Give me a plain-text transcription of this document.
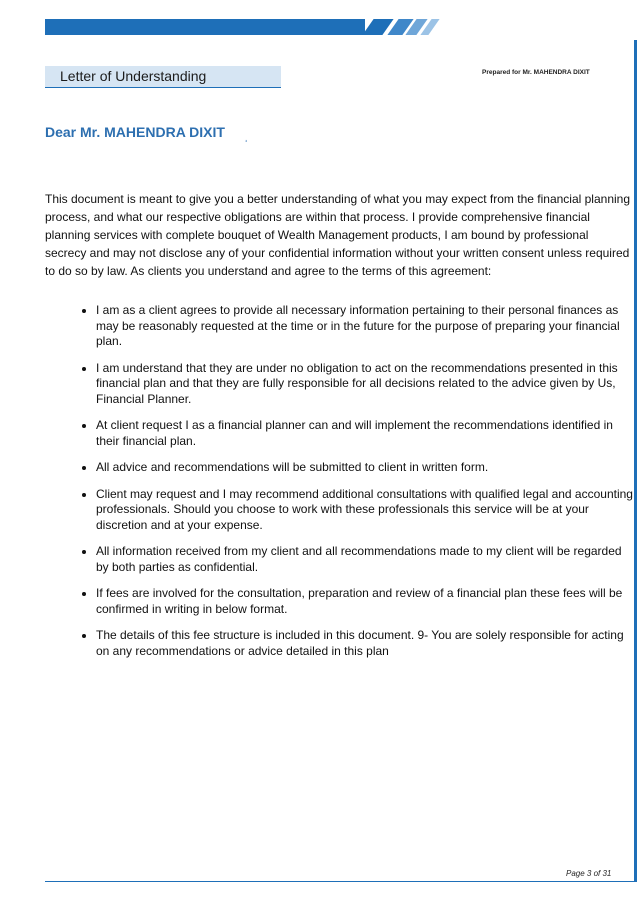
Letter of Understanding	Prepared for Mr. MAHENDRA DIXIT
Dear Mr. MAHENDRA DIXIT	¸

This document is meant to give you a better understanding of what you may expect from the financial planning process, and what our respective obligations are within that process. I provide comprehensive financial planning services with complete bouquet of Wealth Management products, I am bound by professional secrecy and may not disclose any of your confidential information without your written consent unless required to do so by law. As clients you understand and agree to the terms of this agreement:

I am as a client agrees to provide all necessary information pertaining to their personal finances as may be reasonably requested at the time or in the future for the purpose of preparing your financial plan.
I am understand that they are under no obligation to act on the recommendations presented in this financial plan and that they are fully responsible for all decisions related to the advice given by Us, Financial Planner.
At client request I as a financial planner can and will implement the recommendations identified in their financial plan.
All advice and recommendations will be submitted to client in written form.
Client may request and I may recommend additional consultations with qualified legal and accounting professionals. Should you choose to work with these professionals this service will be at your discretion and at your expense.
All information received from my client and all recommendations made to my client will be regarded by both parties as confidential.
If fees are involved for the consultation, preparation and review of a financial plan these fees will be confirmed in writing in below format.
The details of this fee structure is included in this document. 9- You are solely responsible for acting on any recommendations or advice detailed in this plan
Page 3 of 31
